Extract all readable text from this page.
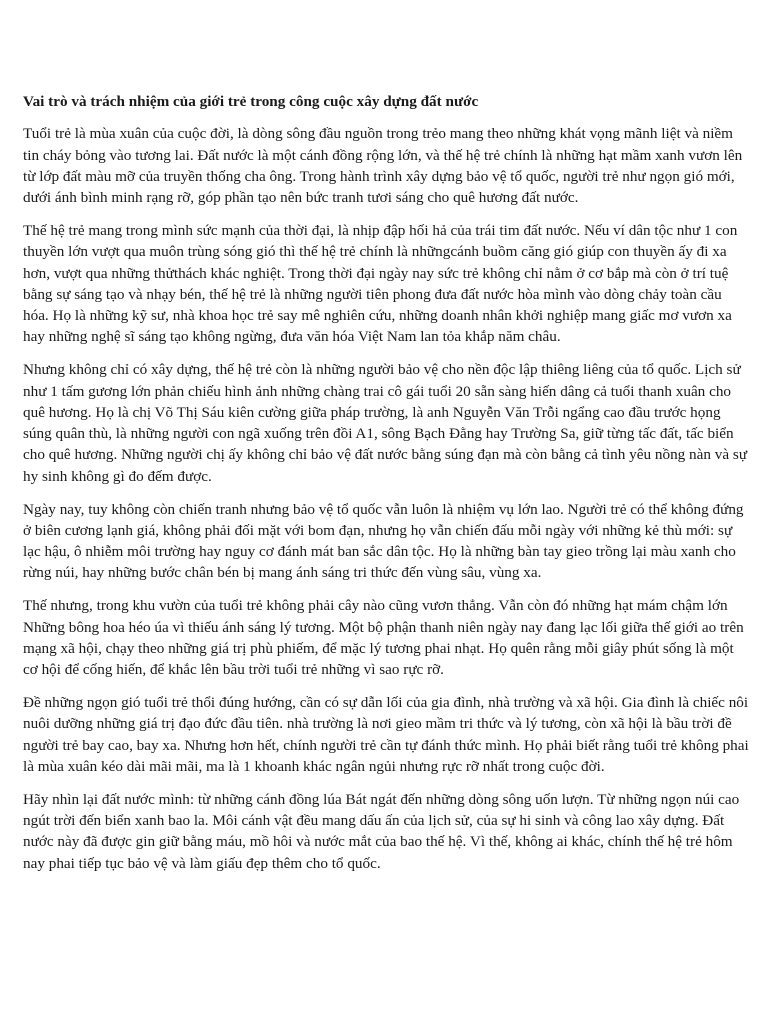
Vai trò và trách nhiệm của giới trẻ trong công cuộc xây dựng đất nước

Tuổi trẻ là mùa xuân của cuộc đời, là dòng sông đầu nguồn trong trẻo mang theo những khát vọng mãnh liệt và niềm tin cháy bỏng vào tương lai. Đất nước là một cánh đồng rộng lớn, và thế hệ trẻ chính là những hạt mầm xanh vươn lên từ lớp đất màu mỡ của truyền thống cha ông. Trong hành trình xây dựng bảo vệ tổ quốc, người trẻ như ngọn gió mới, dưới ánh bình minh rạng rỡ, góp phần tạo nên bức tranh tươi sáng cho quê hương đất nước.

Thế hệ trẻ mang trong mình sức mạnh của thời đại, là nhịp đập hối hả của trái tim đất nước. Nếu ví dân tộc như 1 con thuyền lớn vượt qua muôn trùng sóng gió thì thế hệ trẻ chính là nhữngcánh buồm căng gió giúp con thuyền ấy đi xa hơn, vượt qua những thửthách khác nghiệt. Trong thời đại ngày nay sức trẻ không chỉ nằm ở cơ bắp mà còn ở trí tuệ bằng sự sáng tạo và nhạy bén, thế hệ trẻ là những người tiên phong đưa đất nước hòa mình vào dòng chảy toàn cầu hóa. Họ là những kỹ sư, nhà khoa học trẻ say mê nghiên cứu, những doanh nhân khởi nghiệp mang giấc mơ vươn xa hay những nghệ sĩ sáng tạo không ngừng, đưa văn hóa Việt Nam lan tỏa khắp năm châu.

Nhưng không chỉ có xây dựng, thế hệ trẻ còn là những người bảo vệ cho nền độc lập thiêng liêng của tổ quốc. Lịch sử như 1 tấm gương lớn phản chiếu hình ảnh những chàng trai cô gái tuổi 20 sẵn sàng hiến dâng cả tuổi thanh xuân cho quê hương. Họ là chị Võ Thị Sáu kiên cường giữa pháp trường, là anh Nguyễn Văn Trỗi ngẩng cao đầu trước họng súng quân thù, là những người con ngã xuống trên đồi A1, sông Bạch Đằng hay Trường Sa, giữ từng tấc đất, tấc biển cho quê hương. Những người chị ấy không chỉ bảo vệ đất nước bằng súng đạn mà còn bằng cả tình yêu nồng nàn và sự hy sinh không gì đo đếm được.

Ngày nay, tuy không còn chiến tranh nhưng bảo vệ tổ quốc vẫn luôn là nhiệm vụ lớn lao. Người trẻ có thể không đứng ở biên cương lạnh giá, không phải đối mặt với bom đạn, nhưng họ vẫn chiến đấu mỗi ngày với những kẻ thù mới: sự lạc hậu, ô nhiễm môi trường hay nguy cơ đánh mát ban sắc dân tộc. Họ là những bàn tay gieo trồng lại màu xanh cho rừng núi, hay những bước chân bén bị mang ánh sáng tri thức đến vùng sâu, vùng xa.

Thế nhưng, trong khu vườn của tuổi trẻ không phải cây nào cũng vươn thẳng. Vẫn còn đó những hạt mám chậm lớn Những bông hoa héo úa vì thiếu ánh sáng lý tương. Một bộ phận thanh niên ngày nay đang lạc lối giữa thế giới ao trên mạng xã hội, chạy theo những giá trị phù phiếm, để mặc lý tương phai nhạt. Họ quên rằng mỗi giây phút sống là một cơ hội để cống hiến, để khắc lên bầu trời tuổi trẻ những vì sao rực rỡ.

Đề những ngọn gió tuổi trẻ thổi đúng hướng, cần có sự dẫn lối của gia đình, nhà trường và xã hội. Gia đình là chiếc nôi nuôi dưỡng những giá trị đạo đức đầu tiên. nhà trường là nơi gieo mầm tri thức và lý tương, còn xã hội là bầu trời đề người trẻ bay cao, bay xa. Nhưng hơn hết, chính người trẻ cần tự đánh thức mình. Họ phải biết rằng tuổi trẻ không phai là mùa xuân kéo dài mãi mãi, ma là 1 khoanh khác ngân ngủi nhưng rực rỡ nhất trong cuộc đời.

Hãy nhìn lại đất nước mình: từ những cánh đồng lúa Bát ngát đến những dòng sông uốn lượn. Từ những ngọn núi cao ngút trời đến biển xanh bao la. Môi cánh vật đều mang dấu ấn của lịch sử, của sự hi sinh và công lao xây dựng. Đất nước này đã được gin giữ bằng máu, mồ hôi và nước mắt của bao thế hệ. Vì thế, không ai khác, chính thế hệ trẻ hôm nay phai tiếp tục bảo vệ và làm giấu đẹp thêm cho tổ quốc.
